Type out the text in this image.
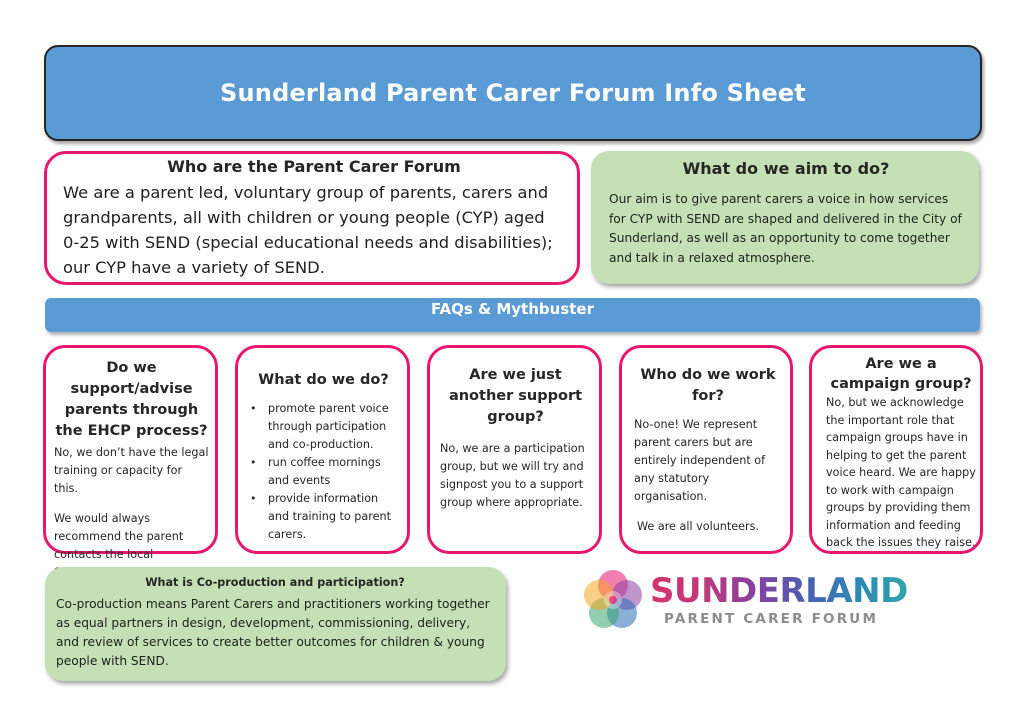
Sunderland Parent Carer Forum Info Sheet
Who are the Parent Carer Forum

We are a parent led, voluntary group of parents, carers and grandparents, all with children or young people (CYP) aged 0-25 with SEND (special educational needs and disabilities); our CYP have a variety of SEND.

What do we aim to do?

Our aim is to give parent carers a voice in how services for CYP with SEND are shaped and delivered in the City of Sunderland, as well as an opportunity to come together and talk in a relaxed atmosphere.

FAQs & Mythbuster
Do we support/advise parents through the EHCP process?

No, we don’t have the legal training or capacity for this.

We would always recommend the parent contacts the local

What do we do?
• promote parent voice through participation and co-production.
• run coffee mornings and events
• provide information and training to parent carers.
Are we just another support group?

No, we are a participation group, but we will try and signpost you to a support group where appropriate.

Who do we work for?

No-one! We represent parent carers but are entirely independent of any statutory organisation.

We are all volunteers.

Are we a campaign group?

No, but we acknowledge the important role that campaign groups have in helping to get the parent voice heard. We are happy to work with campaign groups by providing them information and feeding back the issues they raise.

What is Co-production and participation?

Co-production means Parent Carers and practitioners working together as equal partners in design, development, commissioning, delivery, and review of services to create better outcomes for children & young people with SEND.

SUNDERLAND
PARENT CARER FORUM
